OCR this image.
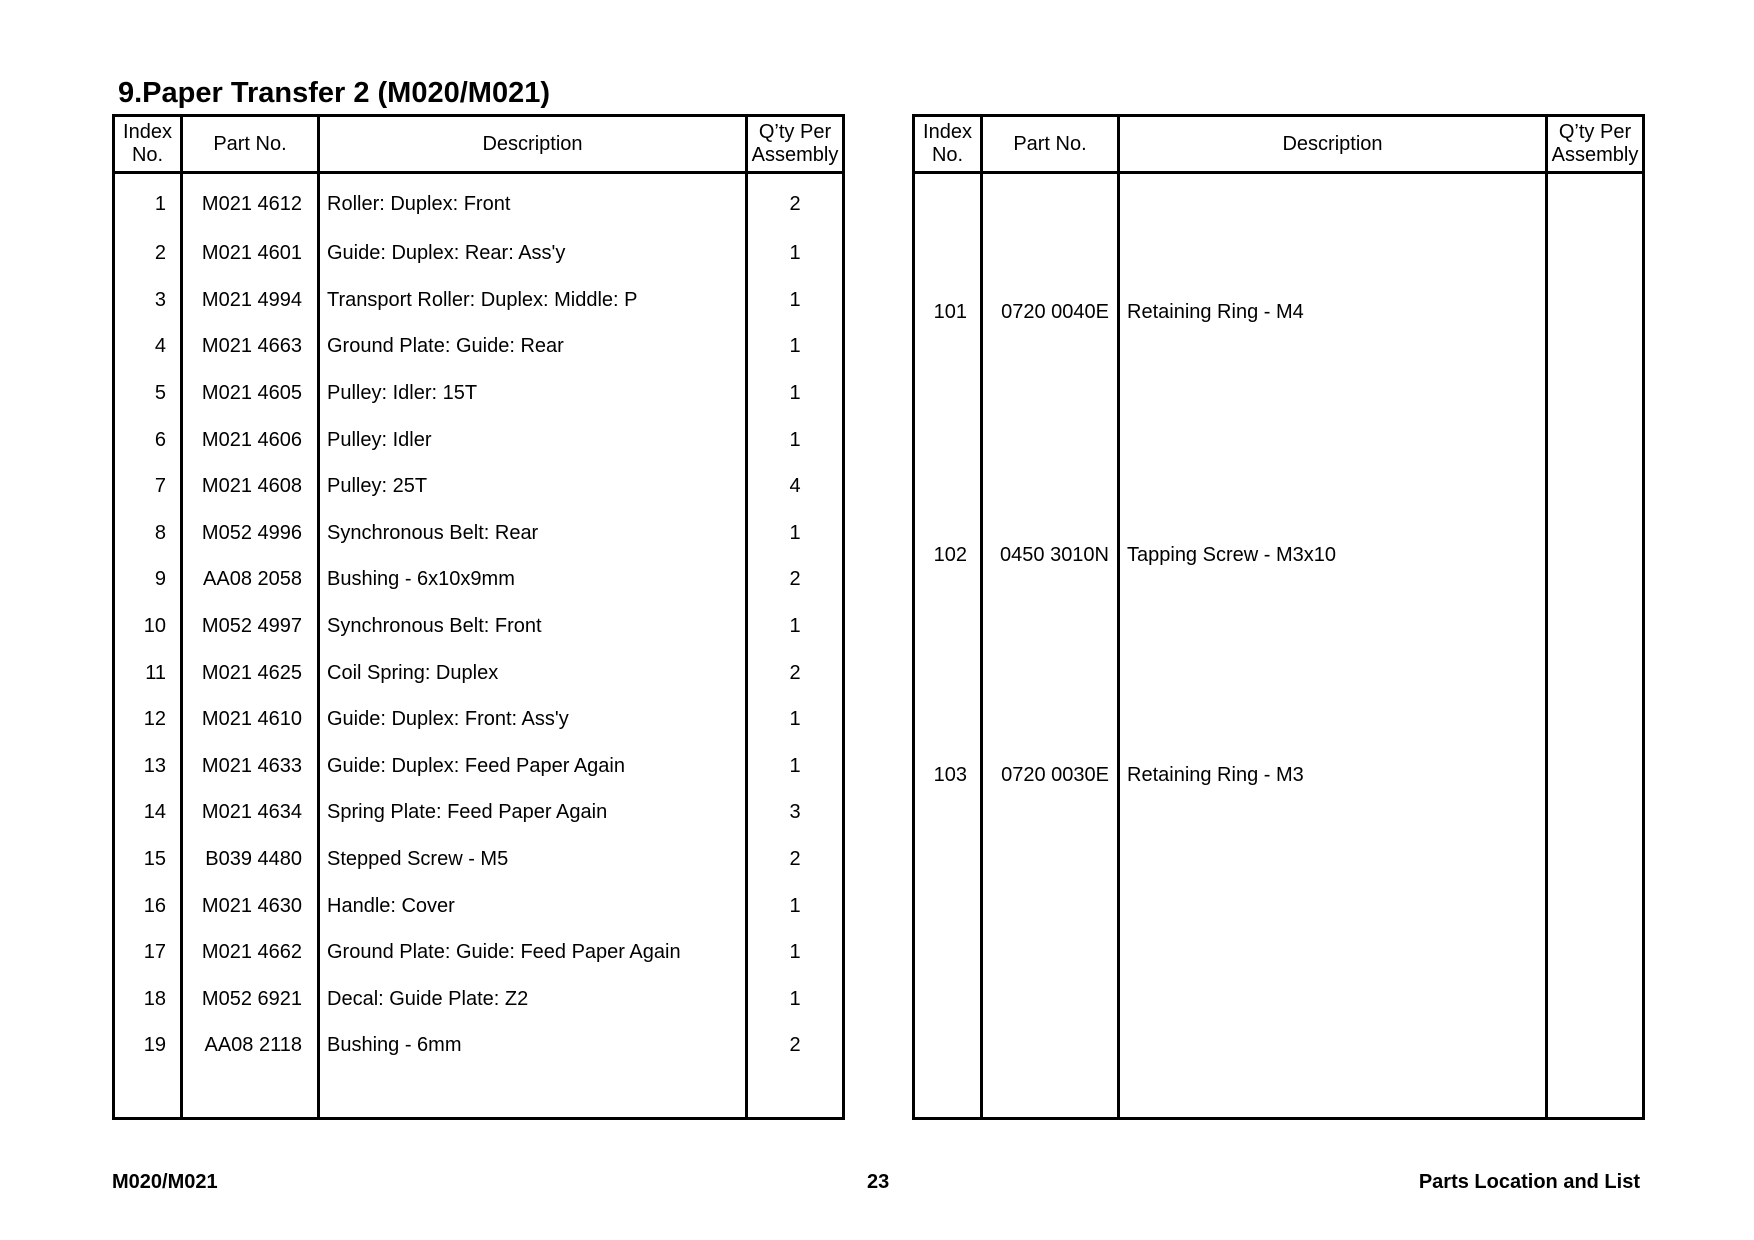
9.Paper Transfer 2 (M020/M021)
Index
No.	Part No.	Description	Q’ty Per
Assembly
1	M021 4612	Roller: Duplex: Front	2
2	M021 4601	Guide: Duplex: Rear: Ass'y	1
3	M021 4994	Transport Roller: Duplex: Middle: P	1
4	M021 4663	Ground Plate: Guide: Rear	1
5	M021 4605	Pulley: Idler: 15T	1
6	M021 4606	Pulley: Idler	1
7	M021 4608	Pulley: 25T	4
8	M052 4996	Synchronous Belt: Rear	1
9	AA08 2058	Bushing - 6x10x9mm	2
10	M052 4997	Synchronous Belt: Front	1
11	M021 4625	Coil Spring: Duplex	2
12	M021 4610	Guide: Duplex: Front: Ass'y	1
13	M021 4633	Guide: Duplex: Feed Paper Again	1
14	M021 4634	Spring Plate: Feed Paper Again	3
15	B039 4480	Stepped Screw - M5	2
16	M021 4630	Handle: Cover	1
17	M021 4662	Ground Plate: Guide: Feed Paper Again	1
18	M052 6921	Decal: Guide Plate: Z2	1
19	AA08 2118	Bushing - 6mm	2

Index
No.	Part No.	Description	Q’ty Per
Assembly
101	0720 0040E	Retaining Ring - M4	
102	0450 3010N	Tapping Screw - M3x10	
103	0720 0030E	Retaining Ring - M3	

M020/M021	23	Parts Location and List
